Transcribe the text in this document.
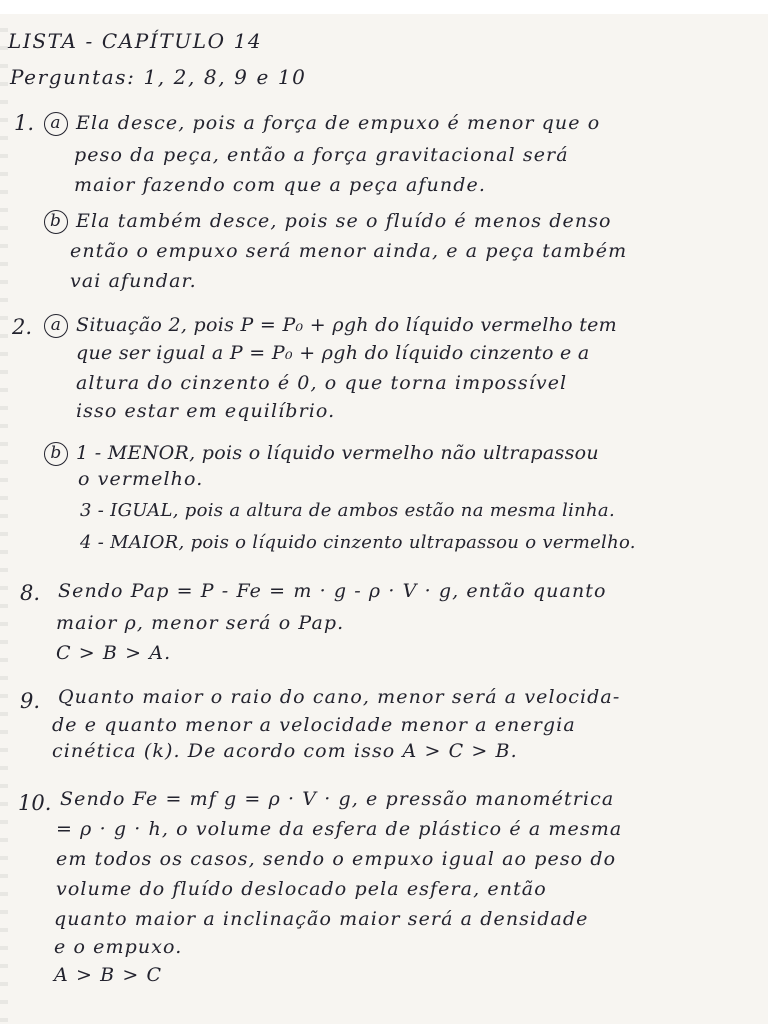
LISTA - CAPÍTULO 14
Perguntas: 1, 2, 8, 9 e 10
1. a Ela desce, pois a força de empuxo é menor que o
peso da peça, então a força gravitacional será
maior fazendo com que a peça afunde.
b Ela também desce, pois se o fluído é menos denso
então o empuxo será menor ainda, e a peça também
vai afundar.
2.	a Situação 2, pois P = P₀ + ρgh do líquido vermelho tem
que ser igual a P = P₀ + ρgh do líquido cinzento e a
altura do cinzento é 0, o que torna impossível
isso estar em equilíbrio.
b 1 - MENOR, pois o líquido vermelho não ultrapassou
o vermelho.
3 - IGUAL, pois a altura de ambos estão na mesma linha.
4 - MAIOR, pois o líquido cinzento ultrapassou o vermelho.
8. Sendo Pap = P - Fe = m · g - ρ · V · g, então quanto
maior ρ, menor será o Pap.
C > B > A.
9. Quanto maior o raio do cano, menor será a velocida-
de e quanto menor a velocidade menor a energia
cinética (k). De acordo com isso A > C > B.
10. Sendo Fe = mf g = ρ · V · g, e pressão manométrica
= ρ · g · h, o volume da esfera de plástico é a mesma
em todos os casos, sendo o empuxo igual ao peso do
volume do fluído deslocado pela esfera, então
quanto maior a inclinação maior será a densidade
e o empuxo.
A > B > C
